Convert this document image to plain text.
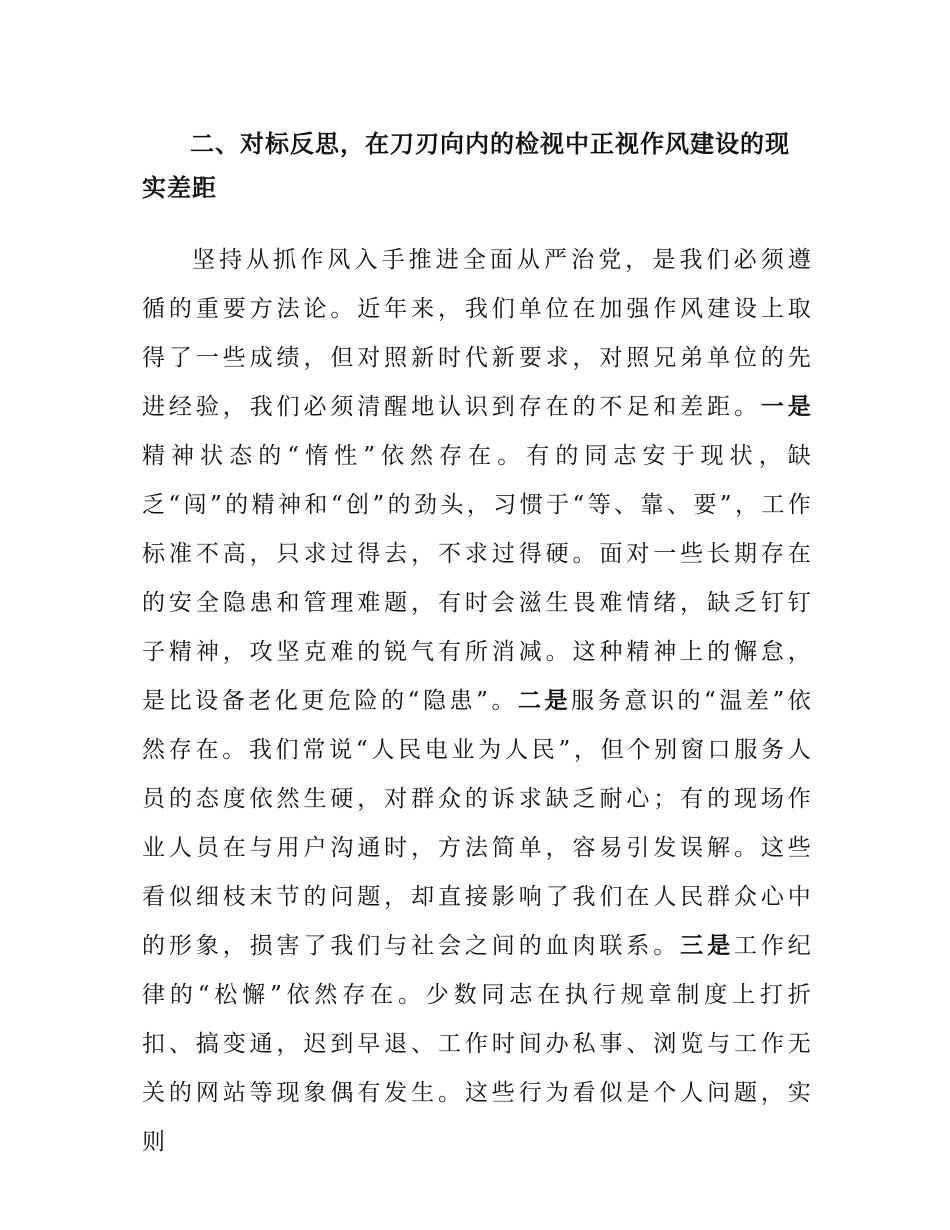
二、对标反思，在刀刃向内的检视中正视作风建设的现实差距

坚持从抓作风入手推进全面从严治党，是我们必须遵循的重要方法论。近年来，我们单位在加强作风建设上取得了一些成绩，但对照新时代新要求，对照兄弟单位的先进经验，我们必须清醒地认识到存在的不足和差距。一是精神状态的“惰性”依然存在。有的同志安于现状，缺乏“闯”的精神和“创”的劲头，习惯于“等、靠、要”，工作标准不高，只求过得去，不求过得硬。面对一些长期存在的安全隐患和管理难题，有时会滋生畏难情绪，缺乏钉钉子精神，攻坚克难的锐气有所消减。这种精神上的懈怠，是比设备老化更危险的“隐患”。二是服务意识的“温差”依然存在。我们常说“人民电业为人民”，但个别窗口服务人员的态度依然生硬，对群众的诉求缺乏耐心；有的现场作业人员在与用户沟通时，方法简单，容易引发误解。这些看似细枝末节的问题，却直接影响了我们在人民群众心中的形象，损害了我们与社会之间的血肉联系。三是工作纪律的“松懈”依然存在。少数同志在执行规章制度上打折扣、搞变通，迟到早退、工作时间办私事、浏览与工作无关的网站等现象偶有发生。这些行为看似是个人问题，实则
